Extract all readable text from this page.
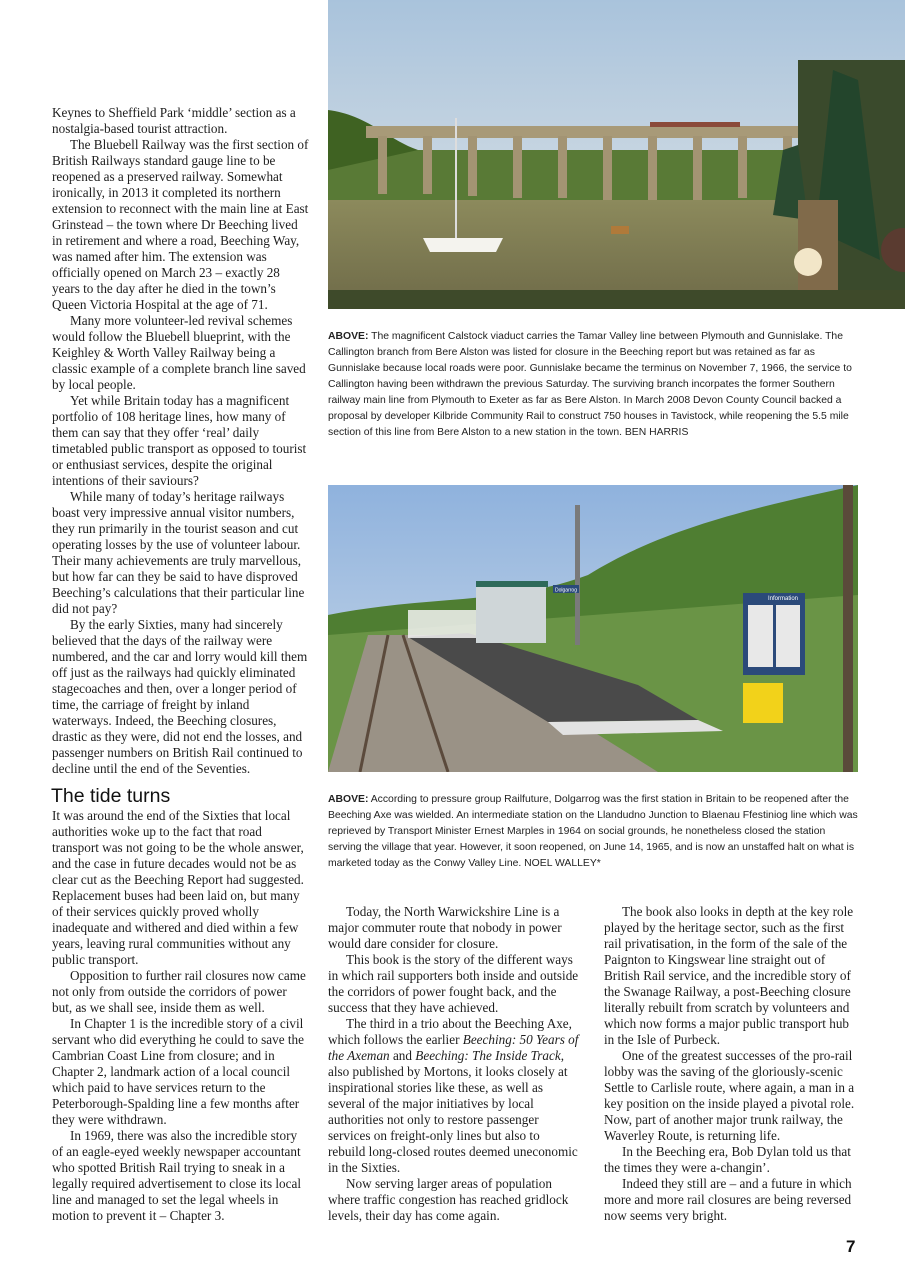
Keynes to Sheffield Park ‘middle’ section as a nostalgia-based tourist attraction.

The Bluebell Railway was the first section of British Railways standard gauge line to be reopened as a preserved railway. Somewhat ironically, in 2013 it completed its northern extension to reconnect with the main line at East Grinstead – the town where Dr Beeching lived in retirement and where a road, Beeching Way, was named after him. The extension was officially opened on March 23 – exactly 28 years to the day after he died in the town’s Queen Victoria Hospital at the age of 71.

Many more volunteer-led revival schemes would follow the Bluebell blueprint, with the Keighley & Worth Valley Railway being a classic example of a complete branch line saved by local people.

Yet while Britain today has a magnificent portfolio of 108 heritage lines, how many of them can say that they offer ‘real’ daily timetabled public transport as opposed to tourist or enthusiast services, despite the original intentions of their saviours?

While many of today’s heritage railways boast very impressive annual visitor numbers, they run primarily in the tourist season and cut operating losses by the use of volunteer labour. Their many achievements are truly marvellous, but how far can they be said to have disproved Beeching’s calculations that their particular line did not pay?

By the early Sixties, many had sincerely believed that the days of the railway were numbered, and the car and lorry would kill them off just as the railways had quickly eliminated stagecoaches and then, over a longer period of time, the carriage of freight by inland waterways. Indeed, the Beeching closures, drastic as they were, did not end the losses, and passenger numbers on British Rail continued to decline until the end of the Seventies.

The tide turns

It was around the end of the Sixties that local authorities woke up to the fact that road transport was not going to be the whole answer, and the case in future decades would not be as clear cut as the Beeching Report had suggested. Replacement buses had been laid on, but many of their services quickly proved wholly inadequate and withered and died within a few years, leaving rural communities without any public transport.

Opposition to further rail closures now came not only from outside the corridors of power but, as we shall see, inside them as well.

In Chapter 1 is the incredible story of a civil servant who did everything he could to save the Cambrian Coast Line from closure; and in Chapter 2, landmark action of a local council which paid to have services return to the Peterborough-Spalding line a few months after they were withdrawn.

In 1969, there was also the incredible story of an eagle-eyed weekly newspaper accountant who spotted British Rail trying to sneak in a legally required advertisement to close its local line and managed to set the legal wheels in motion to prevent it – Chapter 3.

ABOVE: The magnificent Calstock viaduct carries the Tamar Valley line between Plymouth and Gunnislake. The Callington branch from Bere Alston was listed for closure in the Beeching report but was retained as far as Gunnislake because local roads were poor. Gunnislake became the terminus on November 7, 1966, the service to Callington having been withdrawn the previous Saturday. The surviving branch incorpates the former Southern railway main line from Plymouth to Exeter as far as Bere Alston. In March 2008 Devon County Council backed a proposal by developer Kilbride Community Rail to construct 750 houses in Tavistock, while reopening the 5.5 mile section of this line from Bere Alston to a new station in the town. BEN HARRIS
Dolgarrog
Information
ABOVE: According to pressure group Railfuture, Dolgarrog was the first station in Britain to be reopened after the Beeching Axe was wielded. An intermediate station on the Llandudno Junction to Blaenau Ffestiniog line which was reprieved by Transport Minister Ernest Marples in 1964 on social grounds, he nonetheless closed the station serving the village that year. However, it soon reopened, on June 14, 1965, and is now an unstaffed halt on what is marketed today as the Conwy Valley Line. NOEL WALLEY*

Today, the North Warwickshire Line is a major commuter route that nobody in power would dare consider for closure.

This book is the story of the different ways in which rail supporters both inside and outside the corridors of power fought back, and the success that they have achieved.

The third in a trio about the Beeching Axe, which follows the earlier Beeching: 50 Years of the Axeman and Beeching: The Inside Track, also published by Mortons, it looks closely at inspirational stories like these, as well as several of the major initiatives by local authorities not only to restore passenger services on freight-only lines but also to rebuild long-closed routes deemed uneconomic in the Sixties.

Now serving larger areas of population where traffic congestion has reached gridlock levels, their day has come again.

The book also looks in depth at the key role played by the heritage sector, such as the first rail privatisation, in the form of the sale of the Paignton to Kingswear line straight out of British Rail service, and the incredible story of the Swanage Railway, a post-Beeching closure literally rebuilt from scratch by volunteers and which now forms a major public transport hub in the Isle of Purbeck.

One of the greatest successes of the pro-rail lobby was the saving of the gloriously-scenic Settle to Carlisle route, where again, a man in a key position on the inside played a pivotal role. Now, part of another major trunk railway, the Waverley Route, is returning life.

In the Beeching era, Bob Dylan told us that the times they were a-changin’.

Indeed they still are – and a future in which more and more rail closures are being reversed now seems very bright.

7
